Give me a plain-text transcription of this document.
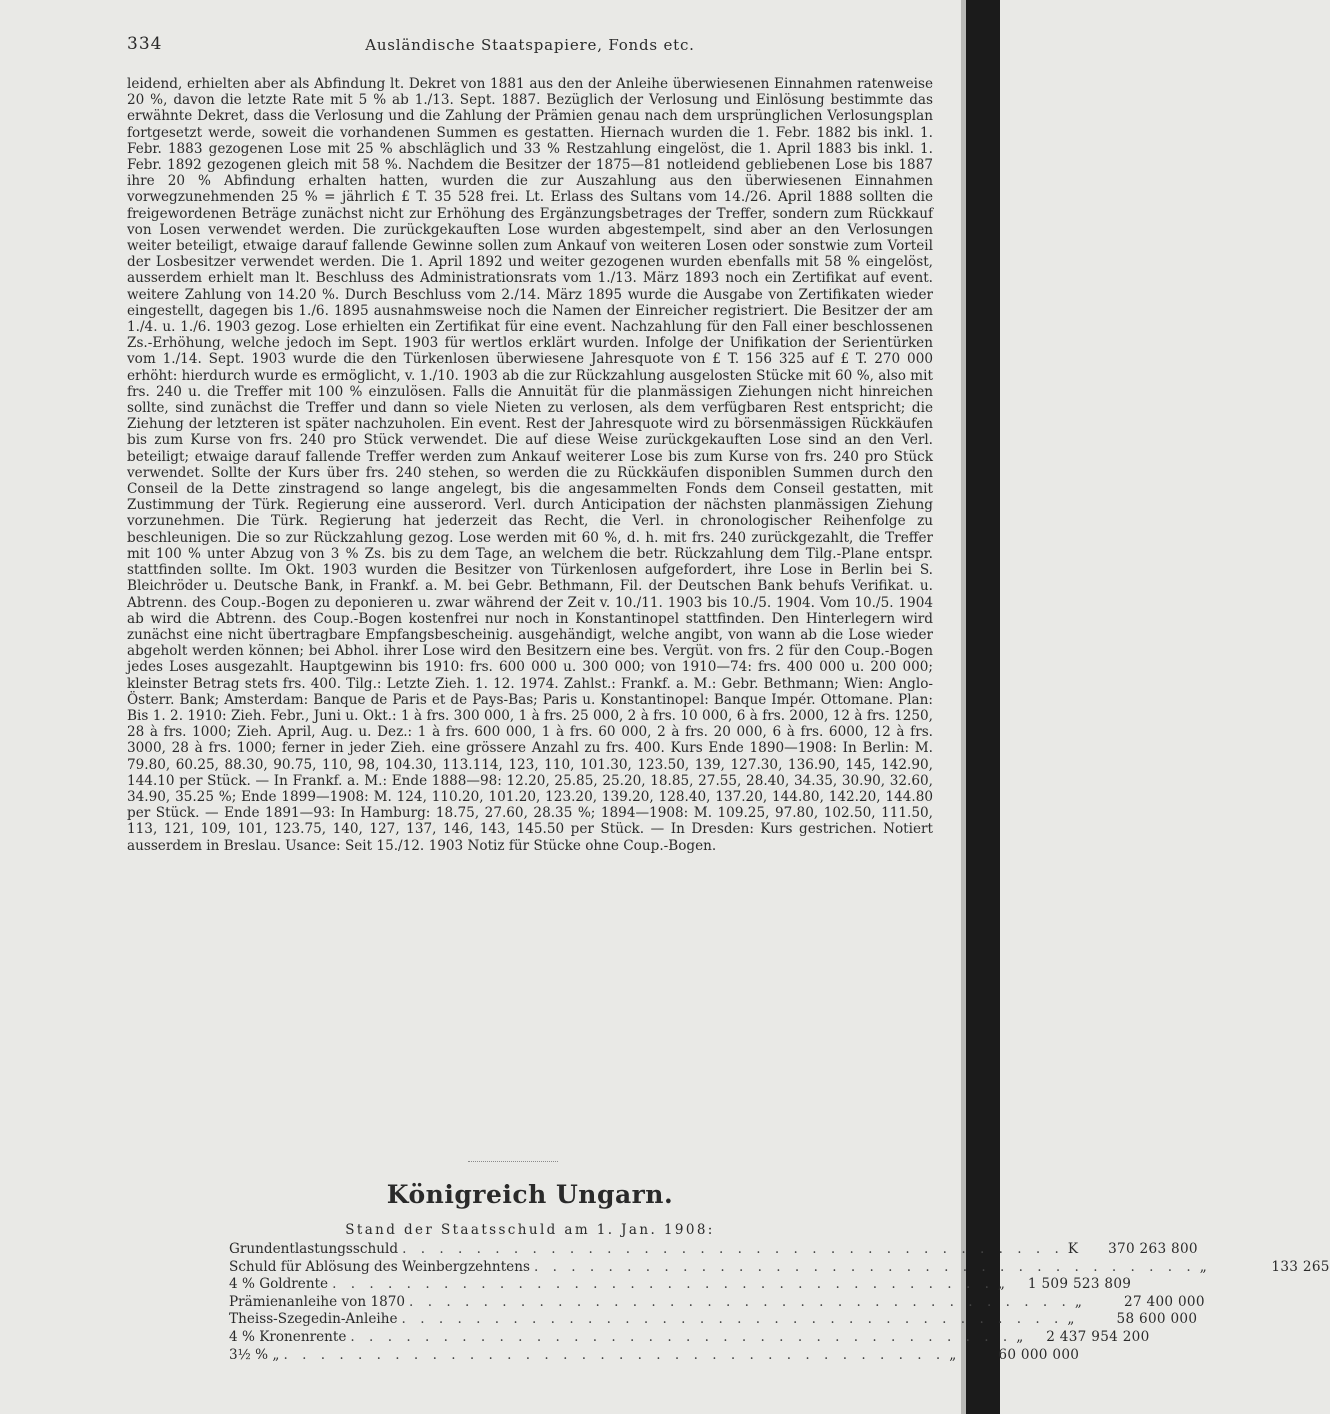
334	Ausländische Staatspapiere, Fonds etc.

leidend, erhielten aber als Abfindung lt. Dekret von 1881 aus den der Anleihe überwiesenen Einnahmen ratenweise 20 %, davon die letzte Rate mit 5 % ab 1./13. Sept. 1887. Bezüglich der Verlosung und Einlösung bestimmte das erwähnte Dekret, dass die Verlosung und die Zahlung der Prämien genau nach dem ursprünglichen Verlosungsplan fortgesetzt werde, soweit die vorhandenen Summen es gestatten. Hiernach wurden die 1. Febr. 1882 bis inkl. 1. Febr. 1883 gezogenen Lose mit 25 % abschläglich und 33 % Restzahlung eingelöst, die 1. April 1883 bis inkl. 1. Febr. 1892 gezogenen gleich mit 58 %. Nachdem die Besitzer der 1875—81 notleidend gebliebenen Lose bis 1887 ihre 20 % Abfindung erhalten hatten, wurden die zur Auszahlung aus den überwiesenen Einnahmen vorwegzunehmenden 25 % = jährlich £ T. 35 528 frei. Lt. Erlass des Sultans vom 14./26. April 1888 sollten die freigewordenen Beträge zunächst nicht zur Erhöhung des Ergänzungsbetrages der Treffer, sondern zum Rückkauf von Losen verwendet werden. Die zurückgekauften Lose wurden abgestempelt, sind aber an den Verlosungen weiter beteiligt, etwaige darauf fallende Gewinne sollen zum Ankauf von weiteren Losen oder sonstwie zum Vorteil der Losbesitzer verwendet werden. Die 1. April 1892 und weiter gezogenen wurden ebenfalls mit 58 % eingelöst, ausserdem erhielt man lt. Beschluss des Administrationsrats vom 1./13. März 1893 noch ein Zertifikat auf event. weitere Zahlung von 14.20 %. Durch Beschluss vom 2./14. März 1895 wurde die Ausgabe von Zertifikaten wieder eingestellt, dagegen bis 1./6. 1895 ausnahmsweise noch die Namen der Einreicher registriert. Die Besitzer der am 1./4. u. 1./6. 1903 gezog. Lose erhielten ein Zertifikat für eine event. Nachzahlung für den Fall einer beschlossenen Zs.-Erhöhung, welche jedoch im Sept. 1903 für wertlos erklärt wurden. Infolge der Unifikation der Serientürken vom 1./14. Sept. 1903 wurde die den Türkenlosen überwiesene Jahresquote von £ T. 156 325 auf £ T. 270 000 erhöht: hierdurch wurde es ermöglicht, v. 1./10. 1903 ab die zur Rückzahlung ausgelosten Stücke mit 60 %, also mit frs. 240 u. die Treffer mit 100 % einzulösen. Falls die Annuität für die planmässigen Ziehungen nicht hinreichen sollte, sind zunächst die Treffer und dann so viele Nieten zu verlosen, als dem verfügbaren Rest entspricht; die Ziehung der letzteren ist später nachzuholen. Ein event. Rest der Jahresquote wird zu börsenmässigen Rückkäufen bis zum Kurse von frs. 240 pro Stück verwendet. Die auf diese Weise zurückgekauften Lose sind an den Verl. beteiligt; etwaige darauf fallende Treffer werden zum Ankauf weiterer Lose bis zum Kurse von frs. 240 pro Stück verwendet. Sollte der Kurs über frs. 240 stehen, so werden die zu Rückkäufen disponiblen Summen durch den Conseil de la Dette zinstragend so lange angelegt, bis die angesammelten Fonds dem Conseil gestatten, mit Zustimmung der Türk. Regierung eine ausserord. Verl. durch Anticipation der nächsten planmässigen Ziehung vorzunehmen. Die Türk. Regierung hat jederzeit das Recht, die Verl. in chronologischer Reihenfolge zu beschleunigen. Die so zur Rückzahlung gezog. Lose werden mit 60 %, d. h. mit frs. 240 zurückgezahlt, die Treffer mit 100 % unter Abzug von 3 % Zs. bis zu dem Tage, an welchem die betr. Rückzahlung dem Tilg.-Plane entspr. stattfinden sollte. Im Okt. 1903 wurden die Besitzer von Türkenlosen aufgefordert, ihre Lose in Berlin bei S. Bleichröder u. Deutsche Bank, in Frankf. a. M. bei Gebr. Bethmann, Fil. der Deutschen Bank behufs Verifikat. u. Abtrenn. des Coup.-Bogen zu deponieren u. zwar während der Zeit v. 10./11. 1903 bis 10./5. 1904. Vom 10./5. 1904 ab wird die Abtrenn. des Coup.-Bogen kostenfrei nur noch in Konstantinopel stattfinden. Den Hinterlegern wird zunächst eine nicht übertragbare Empfangsbescheinig. ausgehändigt, welche angibt, von wann ab die Lose wieder abgeholt werden können; bei Abhol. ihrer Lose wird den Besitzern eine bes. Vergüt. von frs. 2 für den Coup.-Bogen jedes Loses ausgezahlt. Hauptgewinn bis 1910: frs. 600 000 u. 300 000; von 1910—74: frs. 400 000 u. 200 000; kleinster Betrag stets frs. 400. Tilg.: Letzte Zieh. 1. 12. 1974. Zahlst.: Frankf. a. M.: Gebr. Bethmann; Wien: Anglo-Österr. Bank; Amsterdam: Banque de Paris et de Pays-Bas; Paris u. Konstantinopel: Banque Impér. Ottomane. Plan: Bis 1. 2. 1910: Zieh. Febr., Juni u. Okt.: 1 à frs. 300 000, 1 à frs. 25 000, 2 à frs. 10 000, 6 à frs. 2000, 12 à frs. 1250, 28 à frs. 1000; Zieh. April, Aug. u. Dez.: 1 à frs. 600 000, 1 à frs. 60 000, 2 à frs. 20 000, 6 à frs. 6000, 12 à frs. 3000, 28 à frs. 1000; ferner in jeder Zieh. eine grössere Anzahl zu frs. 400. Kurs Ende 1890—1908: In Berlin: M. 79.80, 60.25, 88.30, 90.75, 110, 98, 104.30, 113.114, 123, 110, 101.30, 123.50, 139, 127.30, 136.90, 145, 142.90, 144.10 per Stück. — In Frankf. a. M.: Ende 1888—98: 12.20, 25.85, 25.20, 18.85, 27.55, 28.40, 34.35, 30.90, 32.60, 34.90, 35.25 %; Ende 1899—1908: M. 124, 110.20, 101.20, 123.20, 139.20, 128.40, 137.20, 144.80, 142.20, 144.80 per Stück. — Ende 1891—93: In Hamburg: 18.75, 27.60, 28.35 %; 1894—1908: M. 109.25, 97.80, 102.50, 111.50, 113, 121, 109, 101, 123.75, 140, 127, 137, 146, 143, 145.50 per Stück. — In Dresden: Kurs gestrichen. Notiert ausserdem in Breslau. Usance: Seit 15./12. 1903 Notiz für Stücke ohne Coup.-Bogen.

Königreich Ungarn.
Stand der Staatsschuld am 1. Jan. 1908:
Grundentlastungsschuld . . . . . . . . . . . . . . . . . . . . . . . . . . . . . . . . . . . . K	370 263 800
Schuld für Ablösung des Weinbergzehntens . . . . . . . . . . . . . . . . . . . . . . . . . . . . . . . . . . . . „	133 265
4 % Goldrente . . . . . . . . . . . . . . . . . . . . . . . . . . . . . . . . . . . . „	1 509 523 809
Prämienanleihe von 1870 . . . . . . . . . . . . . . . . . . . . . . . . . . . . . . . . . . . . „	27 400 000
Theiss-Szegedin-Anleihe . . . . . . . . . . . . . . . . . . . . . . . . . . . . . . . . . . . . „	58 600 000
4 % Kronenrente . . . . . . . . . . . . . . . . . . . . . . . . . . . . . . . . . . . . „	2 437 954 200
3½ % „ . . . . . . . . . . . . . . . . . . . . . . . . . . . . . . . . . . . . „	60 000 000
